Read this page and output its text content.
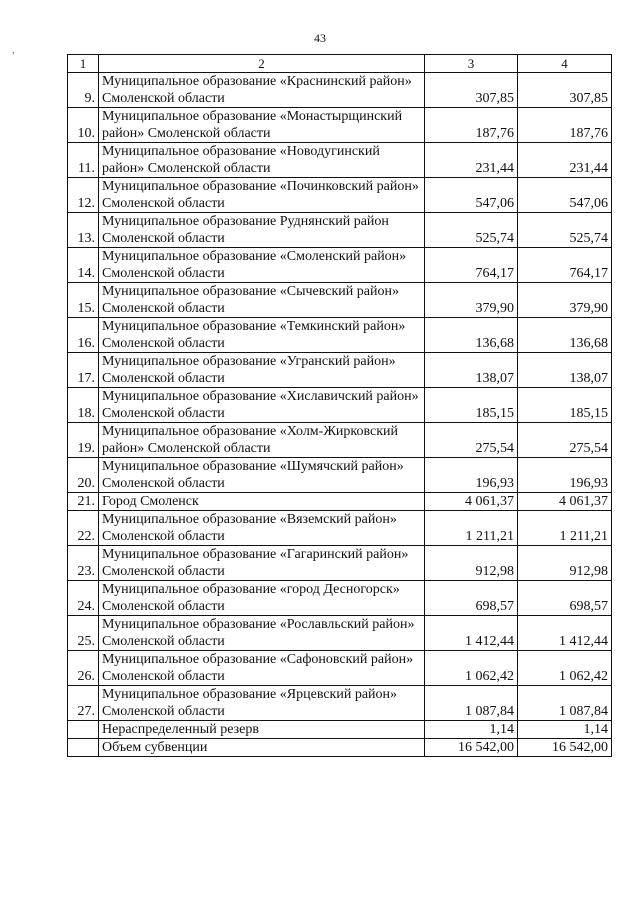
43
,
1	2	3	4
9.	Муниципальное образование «Краснинский район» Смоленской области	307,85	307,85
10.	Муниципальное образование «Монастырщинский район» Смоленской области	187,76	187,76
11.	Муниципальное образование «Новодугинский район» Смоленской области	231,44	231,44
12.	Муниципальное образование «Починковский район» Смоленской области	547,06	547,06
13.	Муниципальное образование Руднянский район Смоленской области	525,74	525,74
14.	Муниципальное образование «Смоленский район» Смоленской области	764,17	764,17
15.	Муниципальное образование «Сычевский район» Смоленской области	379,90	379,90
16.	Муниципальное образование «Темкинский район» Смоленской области	136,68	136,68
17.	Муниципальное образование «Угранский район» Смоленской области	138,07	138,07
18.	Муниципальное образование «Хиславичский район» Смоленской области	185,15	185,15
19.	Муниципальное образование «Холм-Жирковский район» Смоленской области	275,54	275,54
20.	Муниципальное образование «Шумячский район» Смоленской области	196,93	196,93
21.	Город Смоленск	4 061,37	4 061,37
22.	Муниципальное образование «Вяземский район» Смоленской области	1 211,21	1 211,21
23.	Муниципальное образование «Гагаринский район» Смоленской области	912,98	912,98
24.	Муниципальное образование «город Десногорск» Смоленской области	698,57	698,57
25.	Муниципальное образование «Рославльский район» Смоленской области	1 412,44	1 412,44
26.	Муниципальное образование «Сафоновский район» Смоленской области	1 062,42	1 062,42
27.	Муниципальное образование «Ярцевский район» Смоленской области	1 087,84	1 087,84
	Нераспределенный резерв	1,14	1,14
	Объем субвенции	16 542,00	16 542,00
